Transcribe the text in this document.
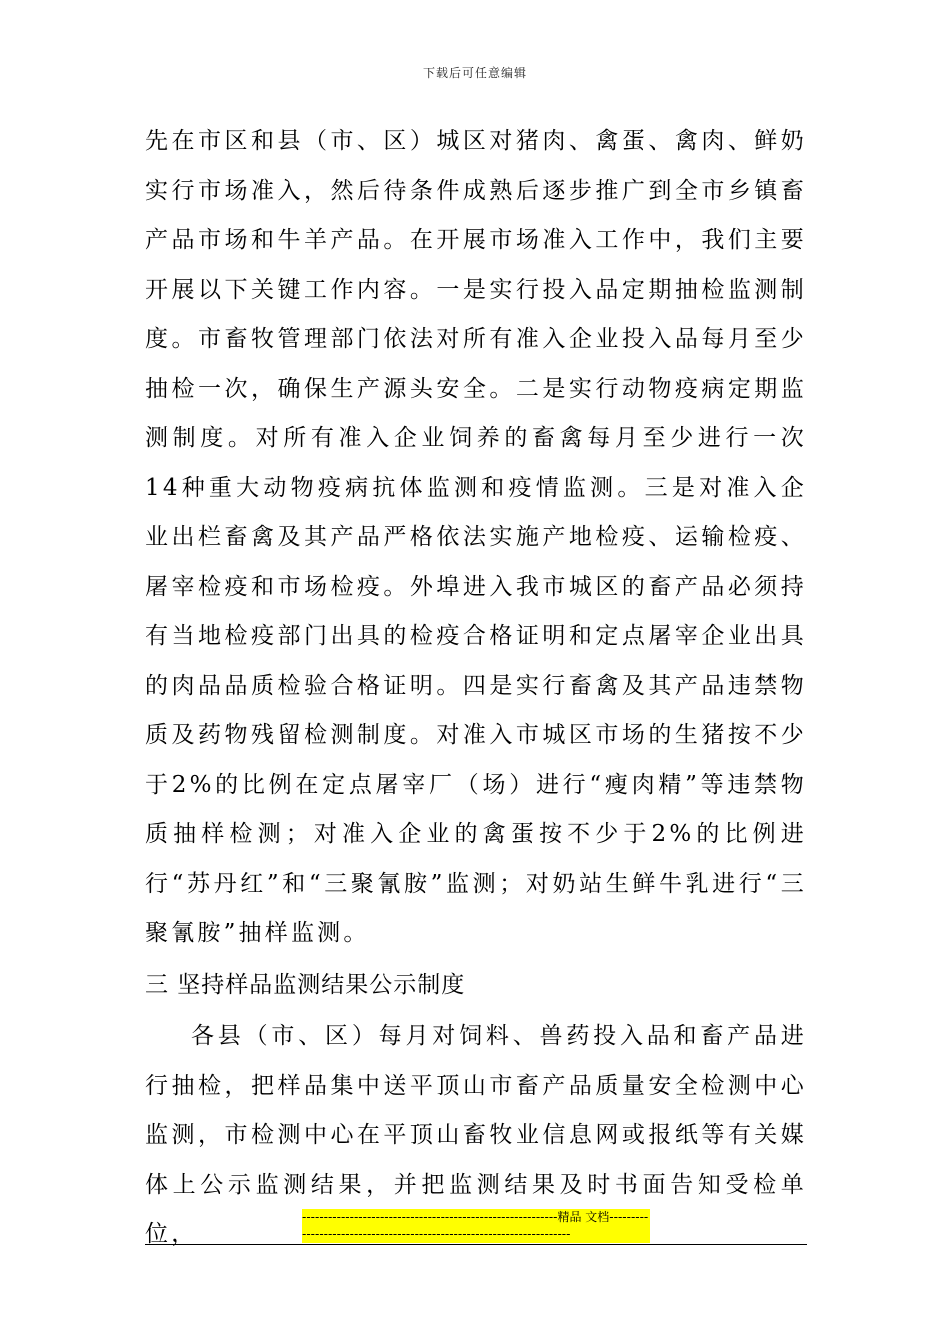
下载后可任意编辑

先在市区和县（市、区）城区对猪肉、禽蛋、禽肉、鲜奶实行市场准入，然后待条件成熟后逐步推广到全市乡镇畜产品市场和牛羊产品。在开展市场准入工作中，我们主要开展以下关键工作内容。一是实行投入品定期抽检监测制度。市畜牧管理部门依法对所有准入企业投入品每月至少抽检一次，确保生产源头安全。二是实行动物疫病定期监测制度。对所有准入企业饲养的畜禽每月至少进行一次14种重大动物疫病抗体监测和疫情监测。三是对准入企业出栏畜禽及其产品严格依法实施产地检疫、运输检疫、屠宰检疫和市场检疫。外埠进入我市城区的畜产品必须持有当地检疫部门出具的检疫合格证明和定点屠宰企业出具的肉品品质检验合格证明。四是实行畜禽及其产品违禁物质及药物残留检测制度。对准入市城区市场的生猪按不少于2%的比例在定点屠宰厂（场）进行“瘦肉精”等违禁物质抽样检测；对准入企业的禽蛋按不少于2%的比例进行“苏丹红”和“三聚氰胺”监测；对奶站生鲜牛乳进行“三聚氰胺”抽样监测。

三 坚持样品监测结果公示制度

各县（市、区）每月对饲料、兽药投入品和畜产品进行抽检，把样品集中送平顶山市畜产品质量安全检测中心监测，市检测中心在平顶山畜牧业信息网或报纸等有关媒体上公示监测结果，并把监测结果及时书面告知受检单位，

-----------------------------------------------------------精品 文档-----------------------------------------------------------------------
